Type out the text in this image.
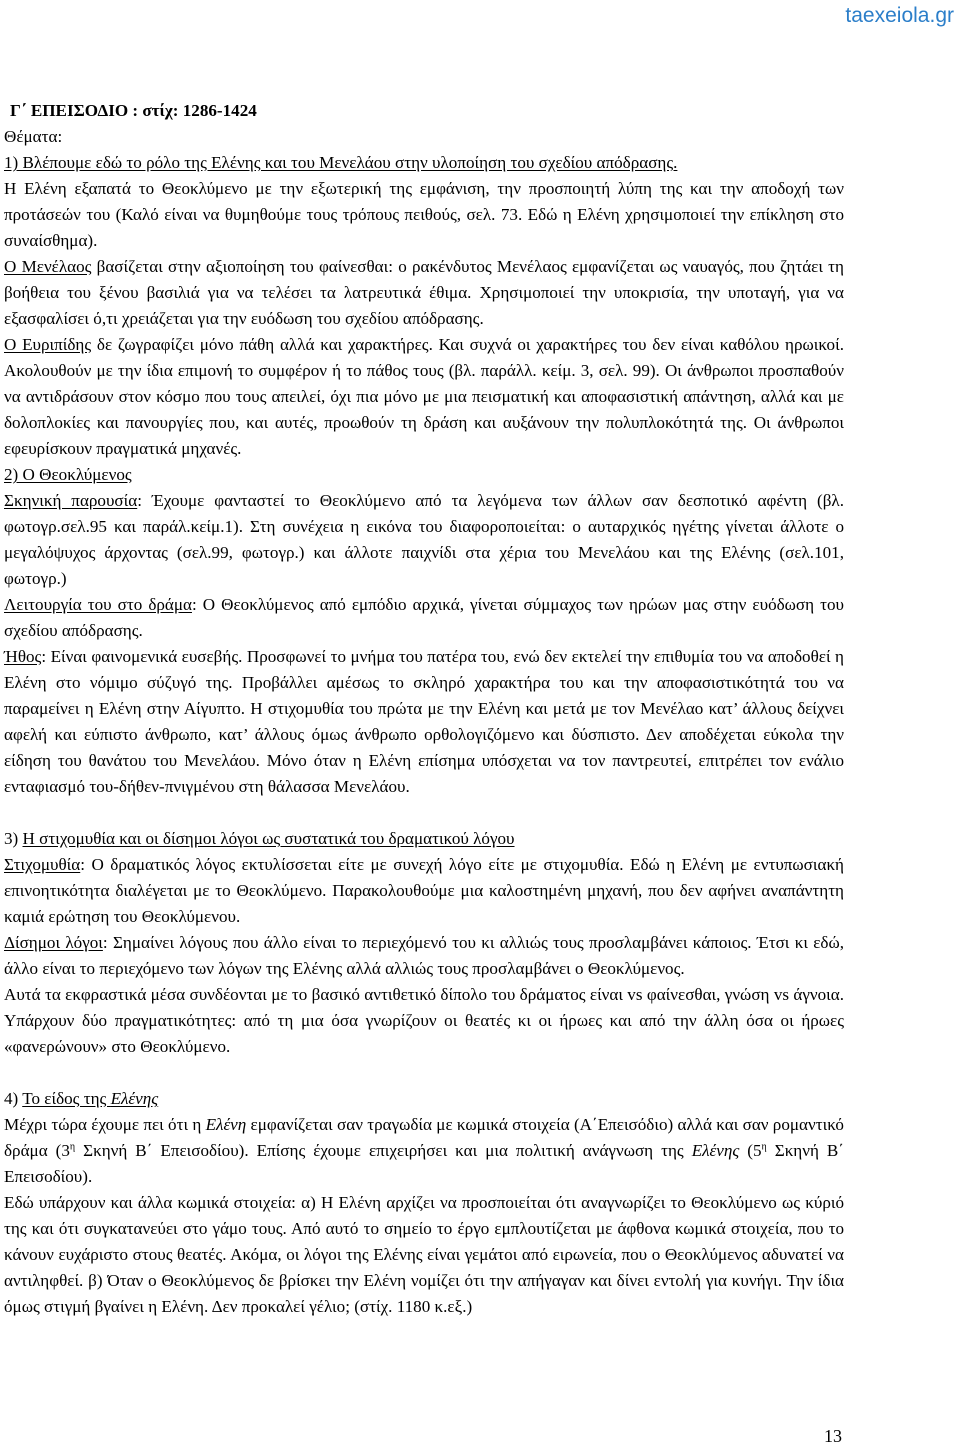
taexeiola.gr

Γ΄ ΕΠΕΙΣΟΔΙΟ : στίχ: 1286-1424

Θέματα:

1) Βλέπουμε εδώ το ρόλο της Ελένης και του Μενελάου στην υλοποίηση του σχεδίου απόδρασης.

Η Ελένη εξαπατά το Θεοκλύμενο με την εξωτερική της εμφάνιση, την προσποιητή λύπη της και την αποδοχή των προτάσεών του (Καλό είναι να θυμηθούμε τους τρόπους πειθούς, σελ. 73. Εδώ η Ελένη χρησιμοποιεί την επίκληση στο συναίσθημα).

Ο Μενέλαος βασίζεται στην αξιοποίηση του φαίνεσθαι: ο ρακένδυτος Μενέλαος εμφανίζεται ως ναυαγός, που ζητάει τη βοήθεια του ξένου βασιλιά για να τελέσει τα λατρευτικά έθιμα. Χρησιμοποιεί την υποκρισία, την υποταγή, για να εξασφαλίσει ό,τι χρειάζεται για την ευόδωση του σχεδίου απόδρασης.

Ο Ευριπίδης δε ζωγραφίζει μόνο πάθη αλλά και χαρακτήρες. Και συχνά οι χαρακτήρες του δεν είναι καθόλου ηρωικοί. Ακολουθούν με την ίδια επιμονή το συμφέρον ή το πάθος τους (βλ. παράλλ. κείμ. 3, σελ. 99). Οι άνθρωποι προσπαθούν να αντιδράσουν στον κόσμο που τους απειλεί, όχι πια μόνο με μια πεισματική και αποφασιστική απάντηση, αλλά και με δολοπλοκίες και πανουργίες που, και αυτές, προωθούν τη δράση και αυξάνουν την πολυπλοκότητά της. Οι άνθρωποι εφευρίσκουν πραγματικά μηχανές.

2) Ο Θεοκλύμενος

Σκηνική παρουσία: Έχουμε φανταστεί το Θεοκλύμενο από τα λεγόμενα των άλλων σαν δεσποτικό αφέντη (βλ. φωτογρ.σελ.95 και παράλ.κείμ.1). Στη συνέχεια η εικόνα του διαφοροποιείται: ο αυταρχικός ηγέτης γίνεται άλλοτε ο μεγαλόψυχος άρχοντας (σελ.99, φωτογρ.) και άλλοτε παιχνίδι στα χέρια του Μενελάου και της Ελένης (σελ.101, φωτογρ.)

Λειτουργία του στο δράμα: Ο Θεοκλύμενος από εμπόδιο αρχικά, γίνεται σύμμαχος των ηρώων μας στην ευόδωση του σχεδίου απόδρασης.

Ήθος: Είναι φαινομενικά ευσεβής. Προσφωνεί το μνήμα του πατέρα του, ενώ δεν εκτελεί την επιθυμία του να αποδοθεί η Ελένη στο νόμιμο σύζυγό της. Προβάλλει αμέσως το σκληρό χαρακτήρα του και την αποφασιστικότητά του να παραμείνει η Ελένη στην Αίγυπτο. Η στιχομυθία του πρώτα με την Ελένη και μετά με τον Μενέλαο κατ’ άλλους δείχνει αφελή και εύπιστο άνθρωπο, κατ’ άλλους όμως άνθρωπο ορθολογιζόμενο και δύσπιστο. Δεν αποδέχεται εύκολα την είδηση του θανάτου του Μενελάου. Μόνο όταν η Ελένη επίσημα υπόσχεται να τον παντρευτεί, επιτρέπει τον ενάλιο ενταφιασμό του-δήθεν-πνιγμένου στη θάλασσα Μενελάου.

3) Η στιχομυθία και οι δίσημοι λόγοι ως συστατικά του δραματικού λόγου

Στιχομυθία: Ο δραματικός λόγος εκτυλίσσεται είτε με συνεχή λόγο είτε με στιχομυθία. Εδώ η Ελένη με εντυπωσιακή επινοητικότητα διαλέγεται με το Θεοκλύμενο. Παρακολουθούμε μια καλοστημένη μηχανή, που δεν αφήνει αναπάντητη καμιά ερώτηση του Θεοκλύμενου.

Δίσημοι λόγοι: Σημαίνει λόγους που άλλο είναι το περιεχόμενό του κι αλλιώς τους προσλαμβάνει κάποιος. Έτσι κι εδώ, άλλο είναι το περιεχόμενο των λόγων της Ελένης αλλά αλλιώς τους προσλαμβάνει ο Θεοκλύμενος.

Αυτά τα εκφραστικά μέσα συνδέονται με το βασικό αντιθετικό δίπολο του δράματος είναι vs φαίνεσθαι, γνώση vs άγνοια. Υπάρχουν δύο πραγματικότητες: από τη μια όσα γνωρίζουν οι θεατές κι οι ήρωες και από την άλλη όσα οι ήρωες «φανερώνουν» στο Θεοκλύμενο.

4) Το είδος της Ελένης

Μέχρι τώρα έχουμε πει ότι η Ελένη εμφανίζεται σαν τραγωδία με κωμικά στοιχεία (Α΄Επεισόδιο) αλλά και σαν ρομαντικό δράμα ($3^\eta$ Σκηνή Β΄ Επεισοδίου). Επίσης έχουμε επιχειρήσει και μια πολιτική ανάγνωση της Ελένης ($5^\eta$ Σκηνή Β΄ Επεισοδίου).

Εδώ υπάρχουν και άλλα κωμικά στοιχεία: α) Η Ελένη αρχίζει να προσποιείται ότι αναγνωρίζει το Θεοκλύμενο ως κύριό της και ότι συγκατανεύει στο γάμο τους. Από αυτό το σημείο το έργο εμπλουτίζεται με άφθονα κωμικά στοιχεία, που το κάνουν ευχάριστο στους θεατές. Ακόμα, οι λόγοι της Ελένης είναι γεμάτοι από ειρωνεία, που ο Θεοκλύμενος αδυνατεί να αντιληφθεί. β) Όταν ο Θεοκλύμενος δε βρίσκει την Ελένη νομίζει ότι την απήγαγαν και δίνει εντολή για κυνήγι. Την ίδια όμως στιγμή βγαίνει η Ελένη. Δεν προκαλεί γέλιο; (στίχ. 1180 κ.εξ.)

13
